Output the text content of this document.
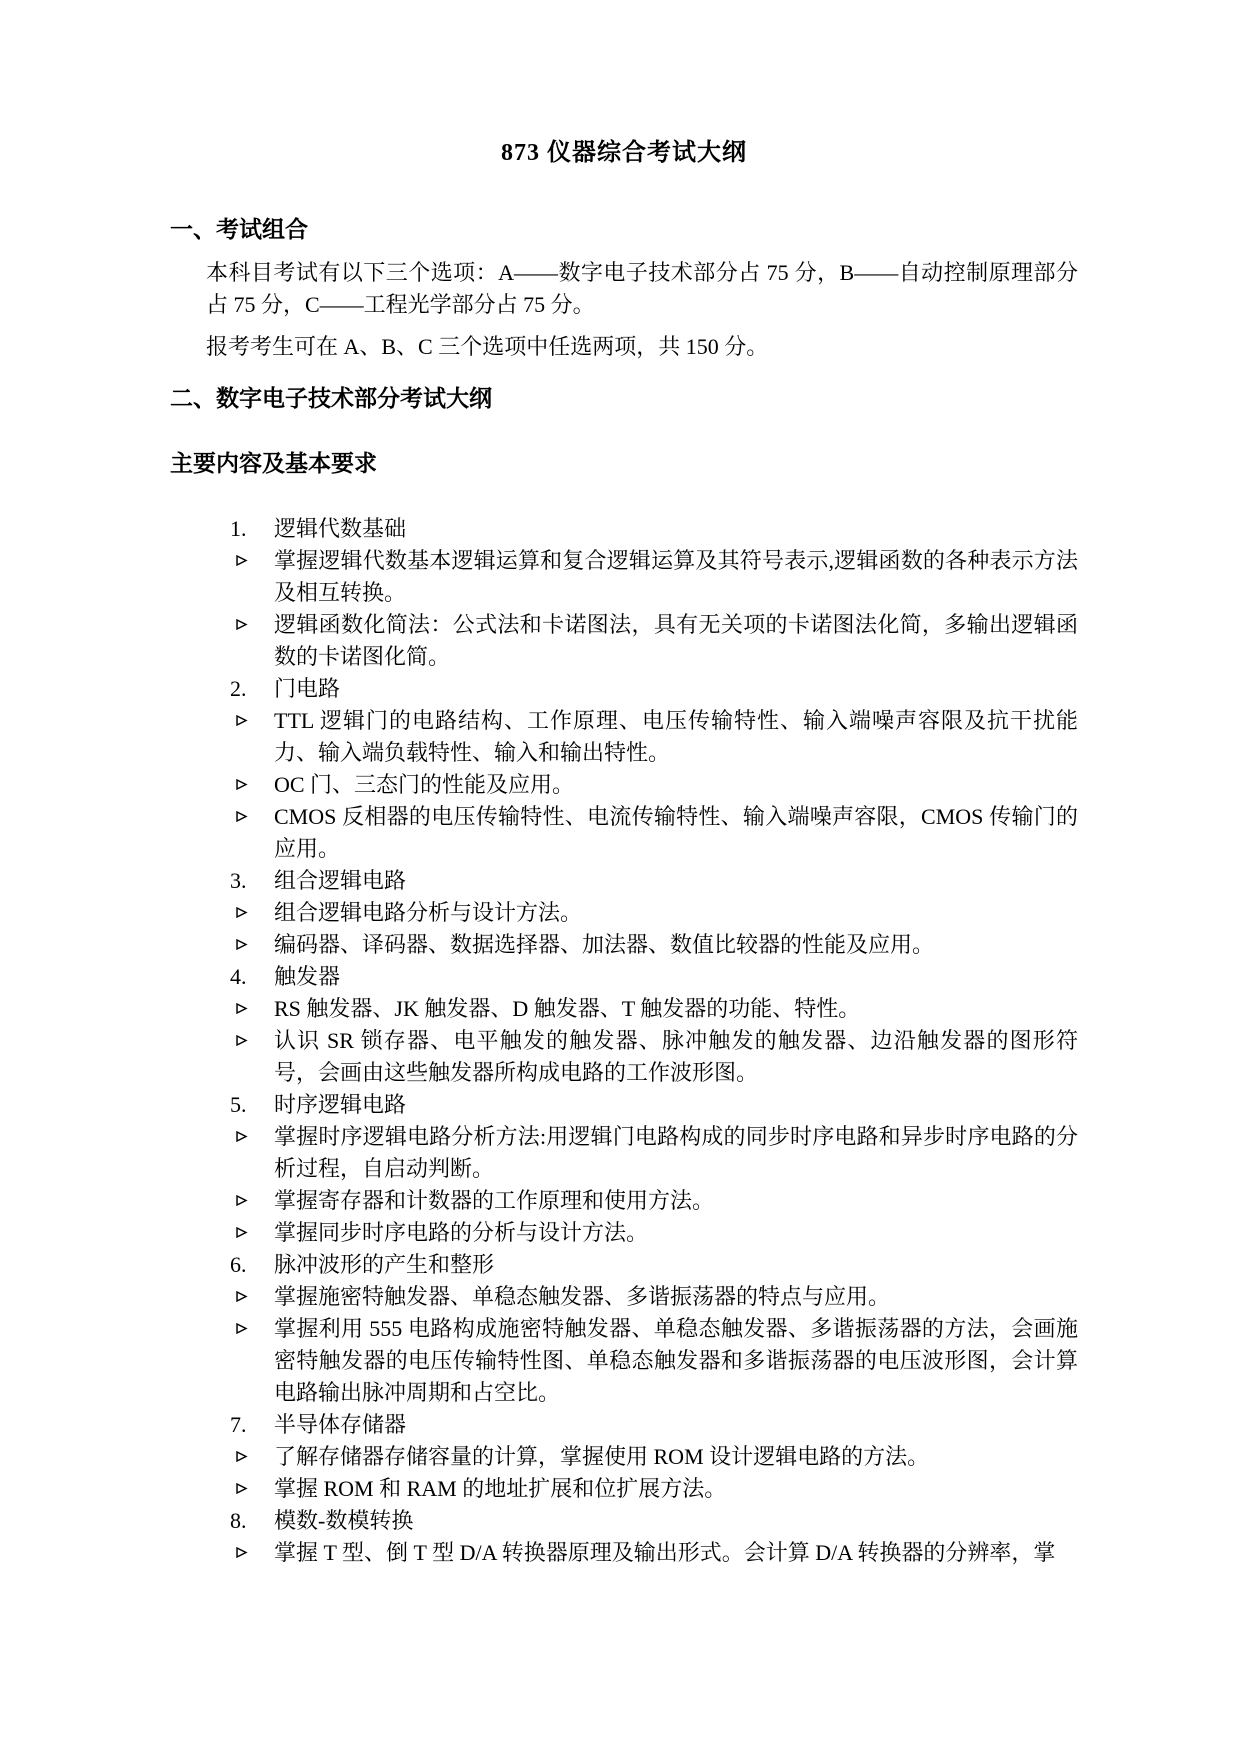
873 仪器综合考试大纲
一、考试组合
本科目考试有以下三个选项：A——数字电子技术部分占 75 分，B——自动控制原理部分占 75 分，C——工程光学部分占 75 分。
报考考生可在 A、B、C 三个选项中任选两项，共 150 分。
二、数字电子技术部分考试大纲
主要内容及基本要求
1.	逻辑代数基础
掌握逻辑代数基本逻辑运算和复合逻辑运算及其符号表示,逻辑函数的各种表示方法及相互转换。
逻辑函数化简法：公式法和卡诺图法，具有无关项的卡诺图法化简，多输出逻辑函数的卡诺图化简。
2.	门电路
TTL 逻辑门的电路结构、工作原理、电压传输特性、输入端噪声容限及抗干扰能力、输入端负载特性、输入和输出特性。
OC 门、三态门的性能及应用。
CMOS 反相器的电压传输特性、电流传输特性、输入端噪声容限，CMOS 传输门的应用。
3.	组合逻辑电路
组合逻辑电路分析与设计方法。
编码器、译码器、数据选择器、加法器、数值比较器的性能及应用。
4.	触发器
RS 触发器、JK 触发器、D 触发器、T 触发器的功能、特性。
认识 SR 锁存器、电平触发的触发器、脉冲触发的触发器、边沿触发器的图形符号，会画由这些触发器所构成电路的工作波形图。
5.	时序逻辑电路
掌握时序逻辑电路分析方法:用逻辑门电路构成的同步时序电路和异步时序电路的分析过程，自启动判断。
掌握寄存器和计数器的工作原理和使用方法。
掌握同步时序电路的分析与设计方法。
6.	脉冲波形的产生和整形
掌握施密特触发器、单稳态触发器、多谐振荡器的特点与应用。
掌握利用 555 电路构成施密特触发器、单稳态触发器、多谐振荡器的方法，会画施密特触发器的电压传输特性图、单稳态触发器和多谐振荡器的电压波形图，会计算电路输出脉冲周期和占空比。
7.	半导体存储器
了解存储器存储容量的计算，掌握使用 ROM 设计逻辑电路的方法。
掌握 ROM 和 RAM 的地址扩展和位扩展方法。
8.	模数-数模转换
掌握 T 型、倒 T 型 D/A 转换器原理及输出形式。会计算 D/A 转换器的分辨率，掌
